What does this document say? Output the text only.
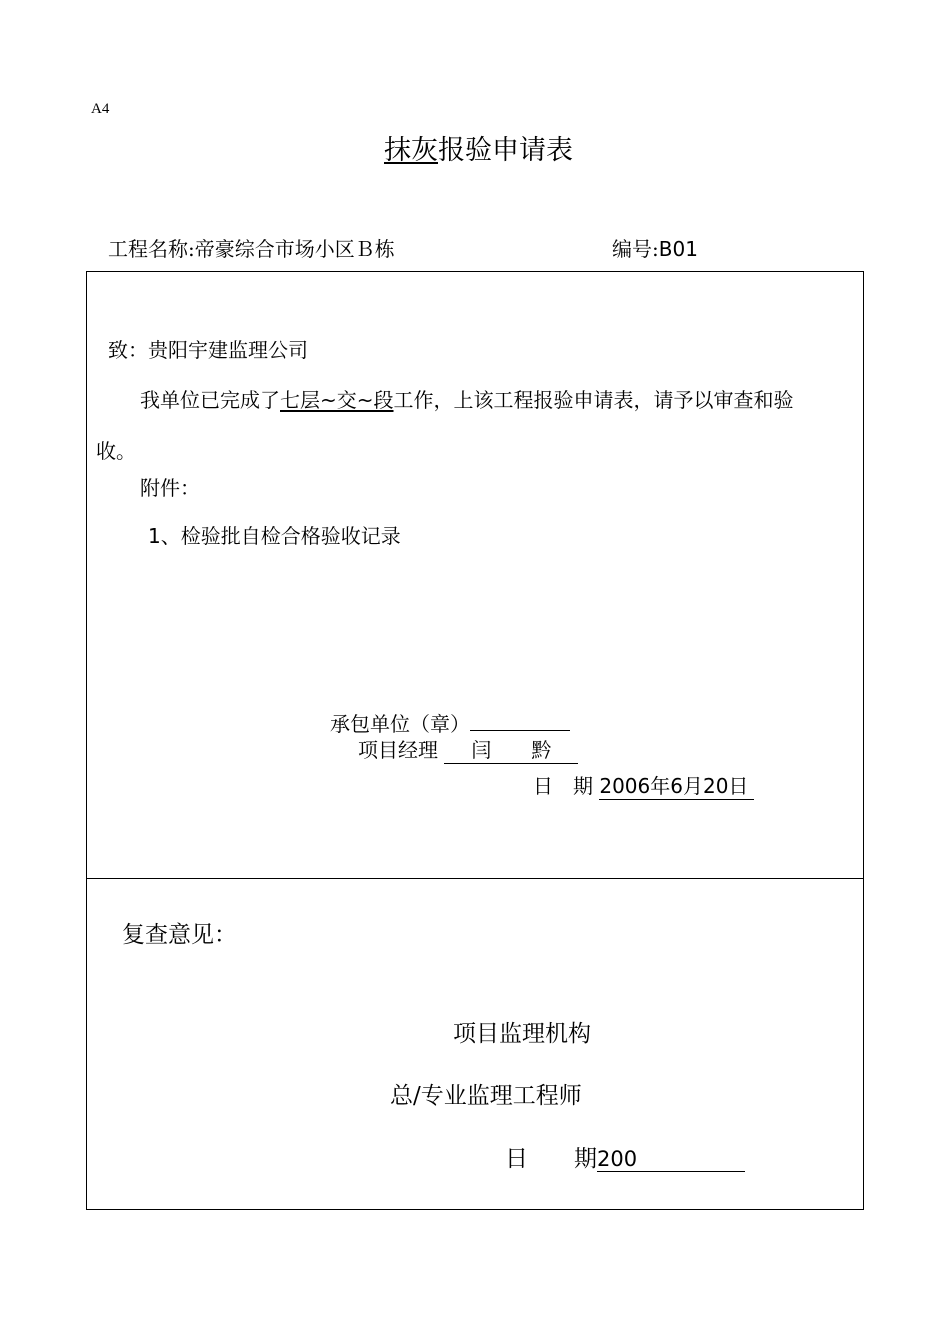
A4
抹灰报验申请表
工程名称:帝豪综合市场小区Ｂ栋	编号:B01
致：贵阳宇建监理公司
我单位已完成了七层~交~段工作，上该工程报验申请表，请予以审查和验
收。
附件：
1、检验批自检合格验收记录
承包单位（章）
项目经理 闫　　黔
日　期 2006年6月20日
复查意见：
项目监理机构
总/专业监理工程师
日　　期200
